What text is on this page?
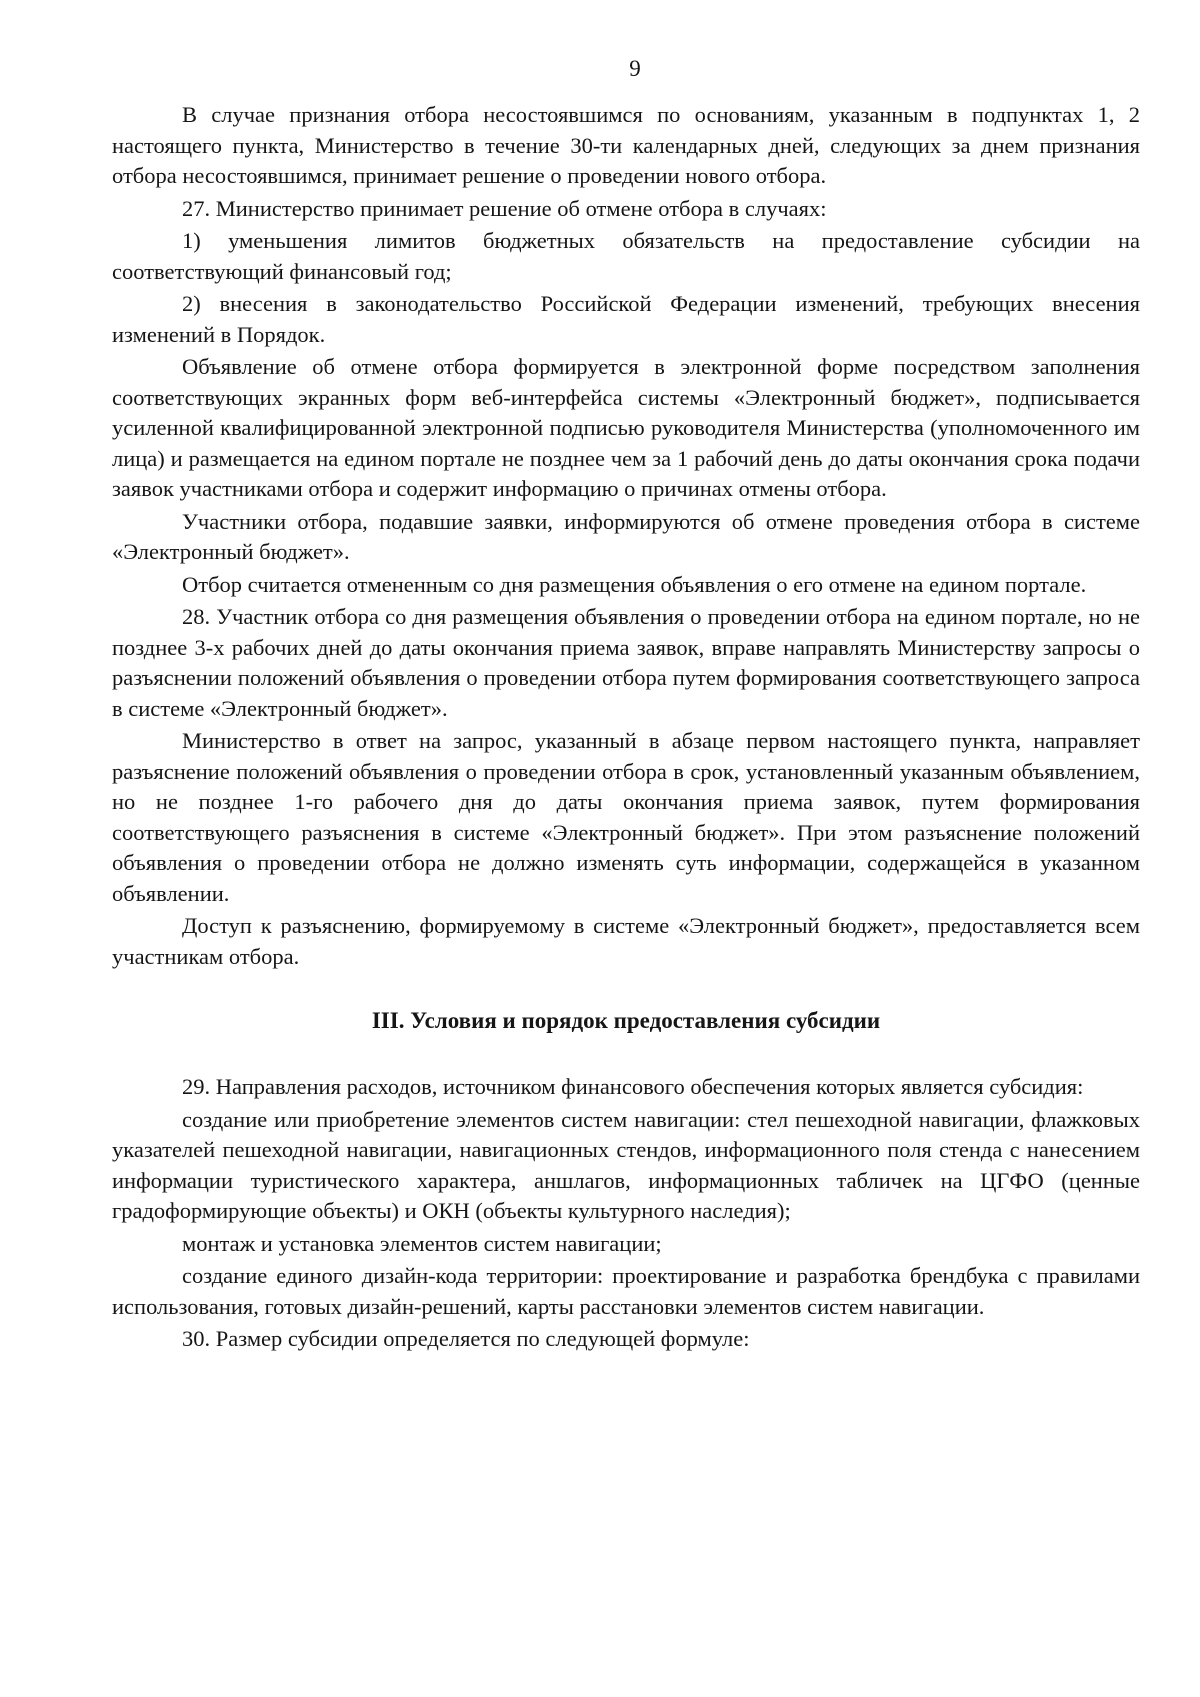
9

В случае признания отбора несостоявшимся по основаниям, указанным в подпунктах 1, 2 настоящего пункта, Министерство в течение 30-ти календарных дней, следующих за днем признания отбора несостоявшимся, принимает решение о проведении нового отбора.

27. Министерство принимает решение об отмене отбора в случаях:

1) уменьшения лимитов бюджетных обязательств на предоставление субсидии на соответствующий финансовый год;

2) внесения в законодательство Российской Федерации изменений, требующих внесения изменений в Порядок.

Объявление об отмене отбора формируется в электронной форме посредством заполнения соответствующих экранных форм веб-интерфейса системы «Электронный бюджет», подписывается усиленной квалифицированной электронной подписью руководителя Министерства (уполномоченного им лица) и размещается на едином портале не позднее чем за 1 рабочий день до даты окончания срока подачи заявок участниками отбора и содержит информацию о причинах отмены отбора.

Участники отбора, подавшие заявки, информируются об отмене проведения отбора в системе «Электронный бюджет».

Отбор считается отмененным со дня размещения объявления о его отмене на едином портале.

28. Участник отбора со дня размещения объявления о проведении отбора на едином портале, но не позднее 3-х рабочих дней до даты окончания приема заявок, вправе направлять Министерству запросы о разъяснении положений объявления о проведении отбора путем формирования соответствующего запроса в системе «Электронный бюджет».

Министерство в ответ на запрос, указанный в абзаце первом настоящего пункта, направляет разъяснение положений объявления о проведении отбора в срок, установленный указанным объявлением, но не позднее 1-го рабочего дня до даты окончания приема заявок, путем формирования соответствующего разъяснения в системе «Электронный бюджет». При этом разъяснение положений объявления о проведении отбора не должно изменять суть информации, содержащейся в указанном объявлении.

Доступ к разъяснению, формируемому в системе «Электронный бюджет», предоставляется всем участникам отбора.

III. Условия и порядок предоставления субсидии

29. Направления расходов, источником финансового обеспечения которых является субсидия:

создание или приобретение элементов систем навигации: стел пешеходной навигации, флажковых указателей пешеходной навигации, навигационных стендов, информационного поля стенда с нанесением информации туристического характера, аншлагов, информационных табличек на ЦГФО (ценные градоформирующие объекты) и ОКН (объекты культурного наследия);

монтаж и установка элементов систем навигации;

создание единого дизайн-кода территории: проектирование и разработка брендбука с правилами использования, готовых дизайн-решений, карты расстановки элементов систем навигации.

30. Размер субсидии определяется по следующей формуле:
